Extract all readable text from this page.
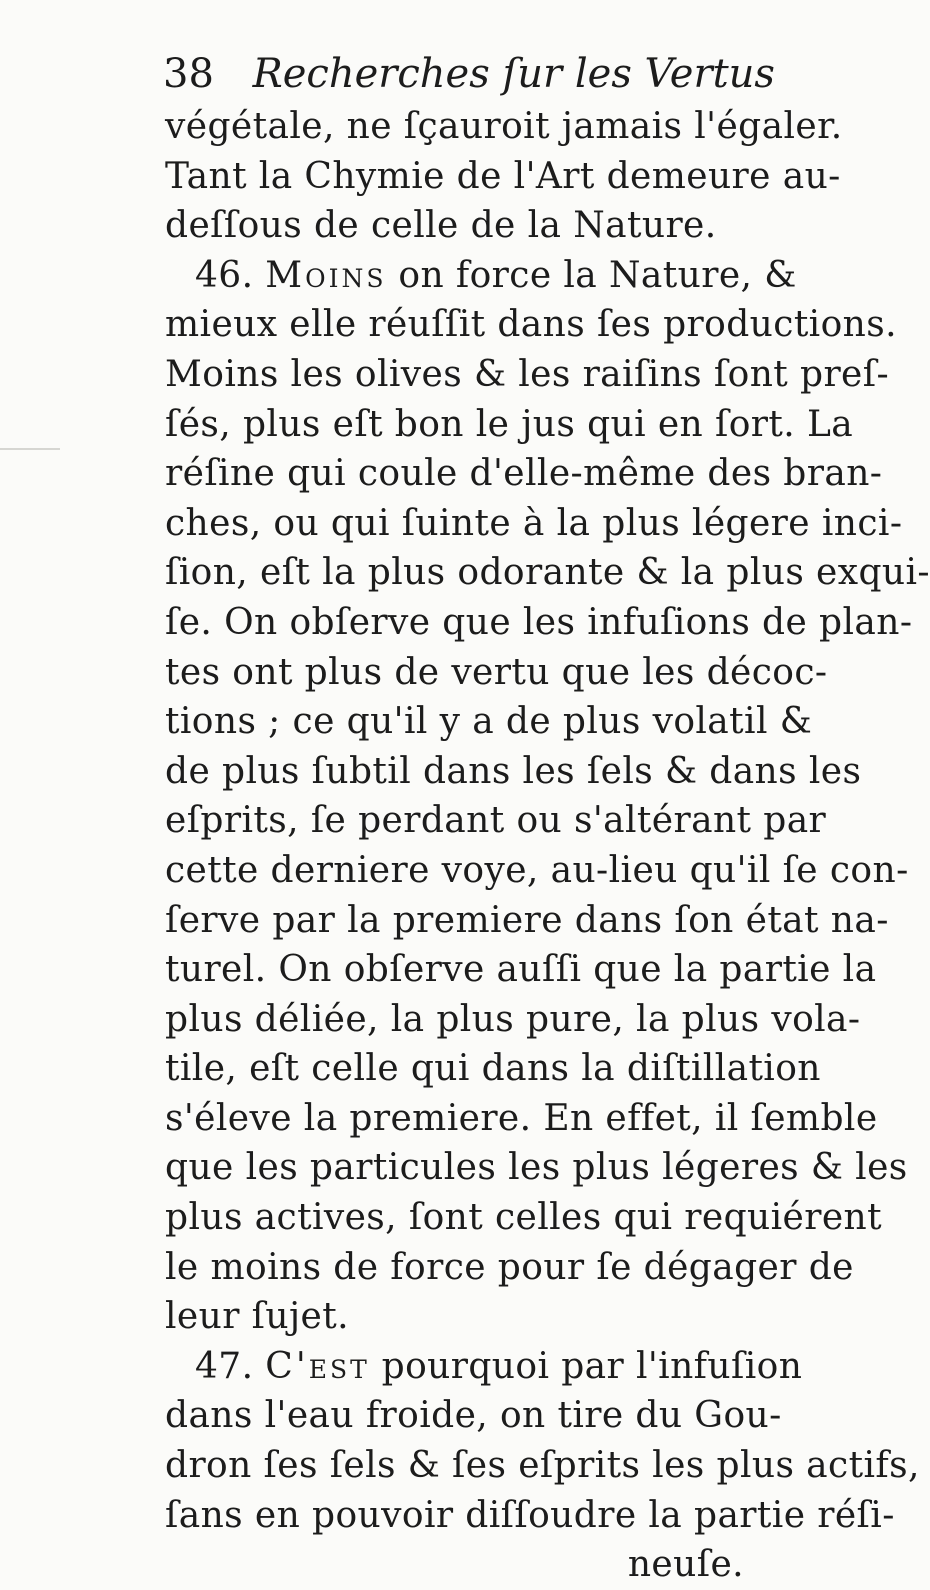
38 Recherches ſur les Vertus
végétale, ne ſçauroit jamais l'égaler.
Tant la Chymie de l'Art demeure au-
deſſous de celle de la Nature.
46. Moins on force la Nature, &
mieux elle réuſſit dans ſes productions.
Moins les olives & les raiſins ſont preſ-
ſés, plus eſt bon le jus qui en ſort. La
réſine qui coule d'elle-même des bran-
ches, ou qui ſuinte à la plus légere inci-
ſion, eſt la plus odorante & la plus exqui-
ſe. On obſerve que les infuſions de plan-
tes ont plus de vertu que les décoc-
tions ; ce qu'il y a de plus volatil &
de plus ſubtil dans les ſels & dans les
eſprits, ſe perdant ou s'altérant par
cette derniere voye, au-lieu qu'il ſe con-
ſerve par la premiere dans ſon état na-
turel. On obſerve auſſi que la partie la
plus déliée, la plus pure, la plus vola-
tile, eſt celle qui dans la diſtillation
s'éleve la premiere. En effet, il ſemble
que les particules les plus légeres & les
plus actives, ſont celles qui requiérent
le moins de force pour ſe dégager de
leur ſujet.
47. C'est pourquoi par l'infuſion
dans l'eau froide, on tire du Gou-
dron ſes ſels & ſes eſprits les plus actifs,
ſans en pouvoir diſſoudre la partie réſi-
neuſe.
